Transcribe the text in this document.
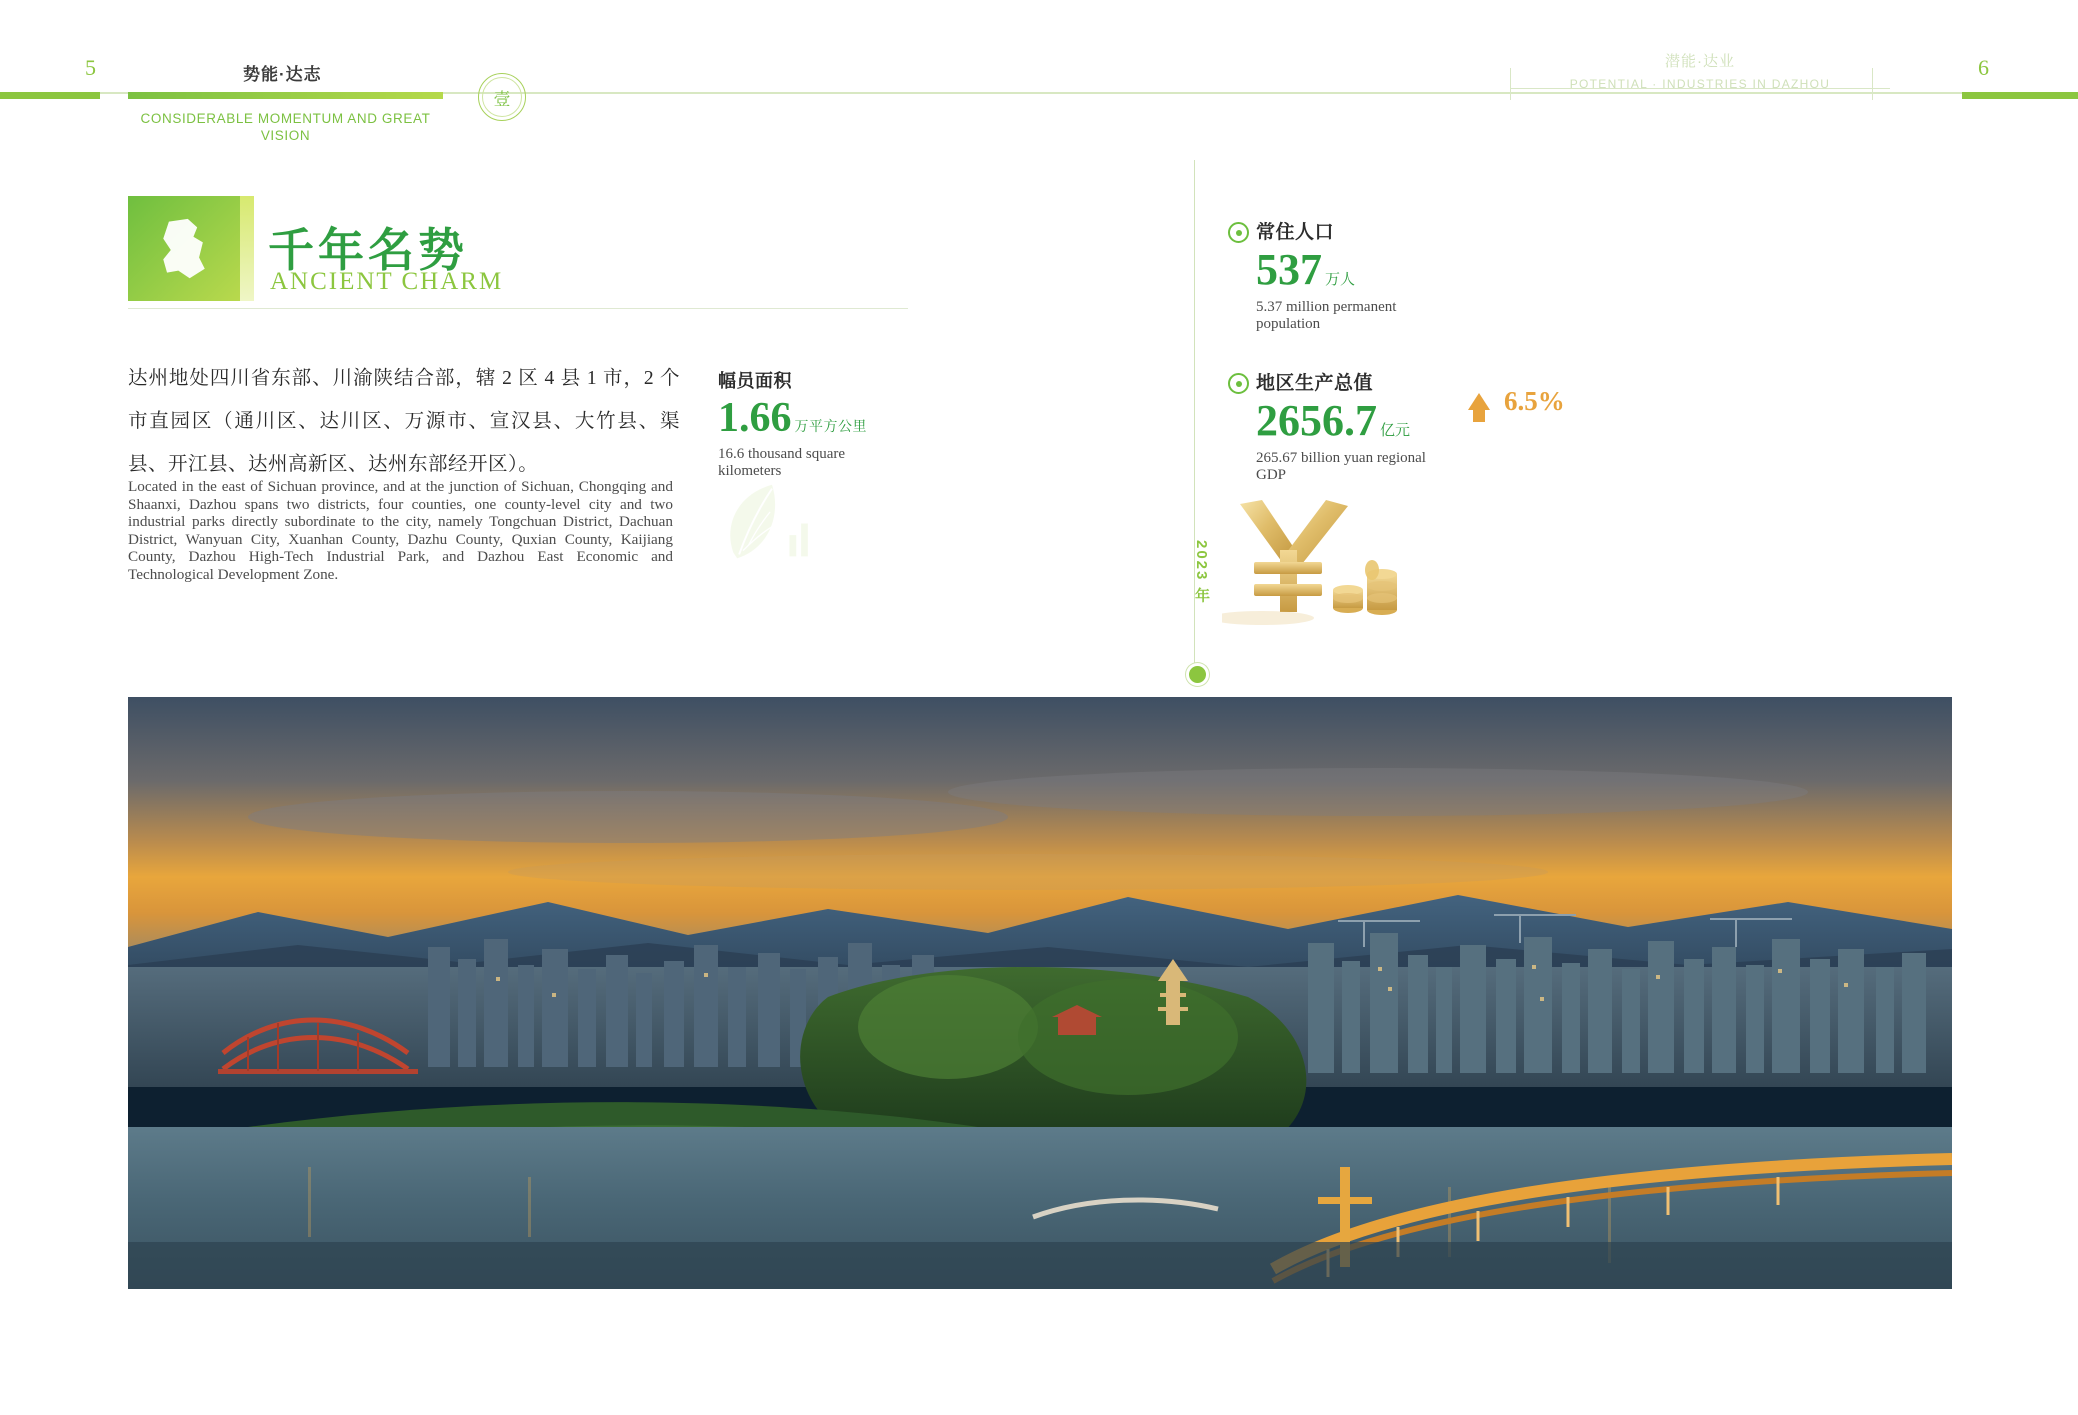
5	6
势能·达志
CONSIDERABLE MOMENTUM AND GREAT VISION
壹
潜能·达业
POTENTIAL · INDUSTRIES IN DAZHOU
千年名势
ANCIENT CHARM
达州地处四川省东部、川渝陕结合部，辖 2 区 4 县 1 市，2 个市直园区（通川区、达川区、万源市、宣汉县、大竹县、渠县、开江县、达州高新区、达州东部经开区）。
Located in the east of Sichuan province, and at the junction of Sichuan, Chongqing and Shaanxi, Dazhou spans two districts, four counties, one county-level city and two industrial parks directly subordinate to the city, namely Tongchuan District, Dachuan District, Wanyuan City, Xuanhan County, Dazhu County, Quxian County, Kaijiang County, Dazhou High-Tech Industrial Park, and Dazhou East Economic and Technological Development Zone.
幅员面积
1.66 万平方公里
16.6 thousand square kilometers
2023 年
常住人口
537 万人
5.37 million permanent population
地区生产总值
2656.7 亿元
265.67 billion yuan regional GDP
6.5%
